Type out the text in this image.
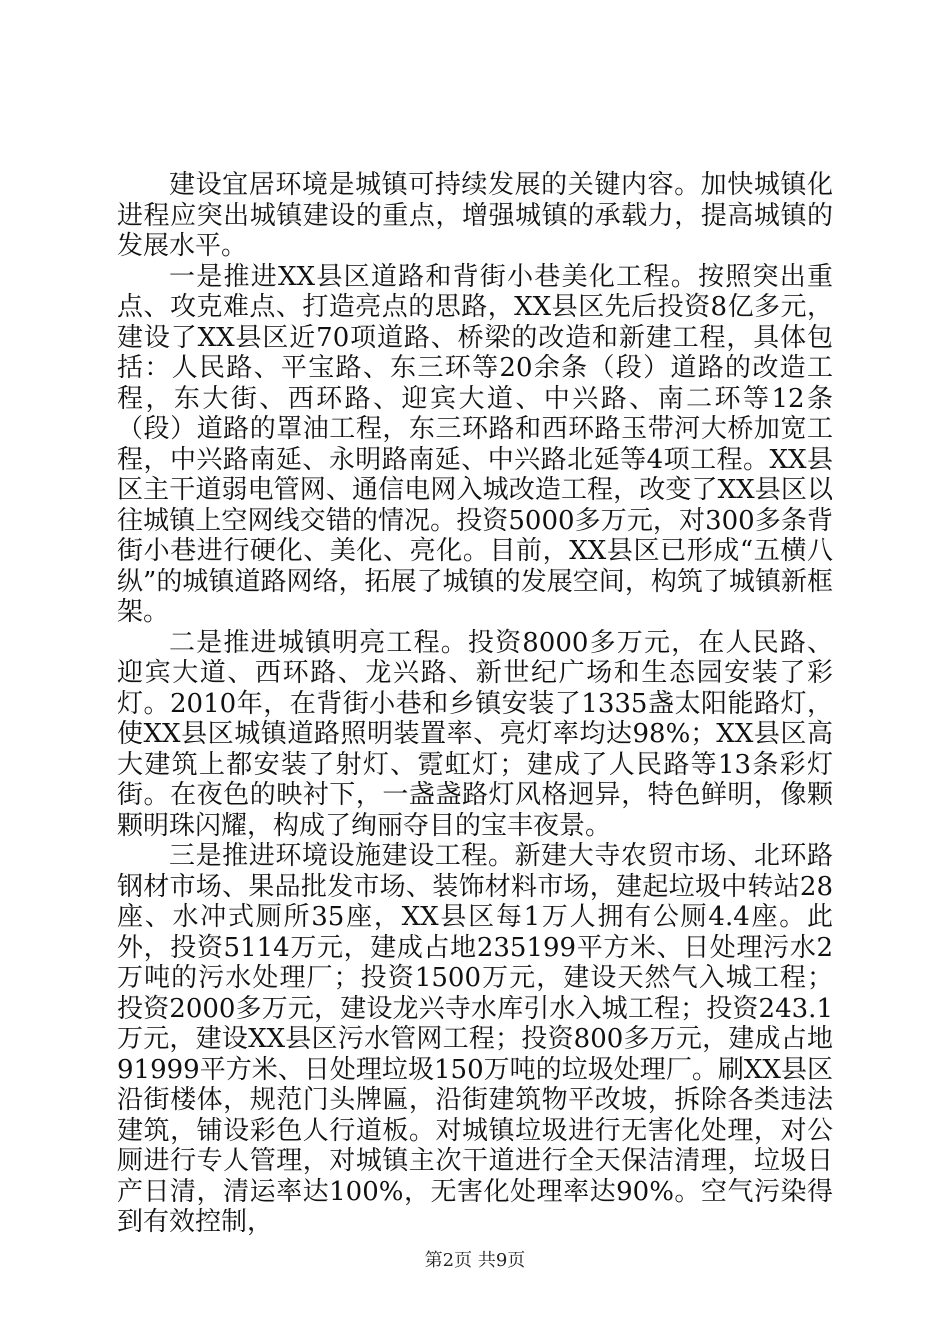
建设宜居环境是城镇可持续发展的关键内容。加快城镇化进程应突出城镇建设的重点，增强城镇的承载力，提高城镇的发展水平。

一是推进XX县区道路和背街小巷美化工程。按照突出重点、攻克难点、打造亮点的思路，XX县区先后投资8亿多元，建设了XX县区近70项道路、桥梁的改造和新建工程，具体包括：人民路、平宝路、东三环等20余条（段）道路的改造工程，东大街、西环路、迎宾大道、中兴路、南二环等12条（段）道路的罩油工程，东三环路和西环路玉带河大桥加宽工程，中兴路南延、永明路南延、中兴路北延等4项工程。XX县区主干道弱电管网、通信电网入城改造工程，改变了XX县区以往城镇上空网线交错的情况。投资5000多万元，对300多条背街小巷进行硬化、美化、亮化。目前，XX县区已形成“五横八纵”的城镇道路网络，拓展了城镇的发展空间，构筑了城镇新框架。

二是推进城镇明亮工程。投资8000多万元，在人民路、迎宾大道、西环路、龙兴路、新世纪广场和生态园安装了彩灯。2010年，在背街小巷和乡镇安装了1335盏太阳能路灯，使XX县区城镇道路照明装置率、亮灯率均达98%；XX县区高大建筑上都安装了射灯、霓虹灯；建成了人民路等13条彩灯街。在夜色的映衬下，一盏盏路灯风格迥异，特色鲜明，像颗颗明珠闪耀，构成了绚丽夺目的宝丰夜景。

三是推进环境设施建设工程。新建大寺农贸市场、北环路钢材市场、果品批发市场、装饰材料市场，建起垃圾中转站28座、水冲式厕所35座，XX县区每1万人拥有公厕4.4座。此外，投资5114万元，建成占地235199平方米、日处理污水2万吨的污水处理厂；投资1500万元，建设天然气入城工程；投资2000多万元，建设龙兴寺水库引水入城工程；投资243.1万元，建设XX县区污水管网工程；投资800多万元，建成占地91999平方米、日处理垃圾150万吨的垃圾处理厂。刷XX县区沿街楼体，规范门头牌匾，沿街建筑物平改坡，拆除各类违法建筑，铺设彩色人行道板。对城镇垃圾进行无害化处理，对公厕进行专人管理，对城镇主次干道进行全天保洁清理，垃圾日产日清，清运率达100%，无害化处理率达90%。空气污染得到有效控制，

第2页 共9页
